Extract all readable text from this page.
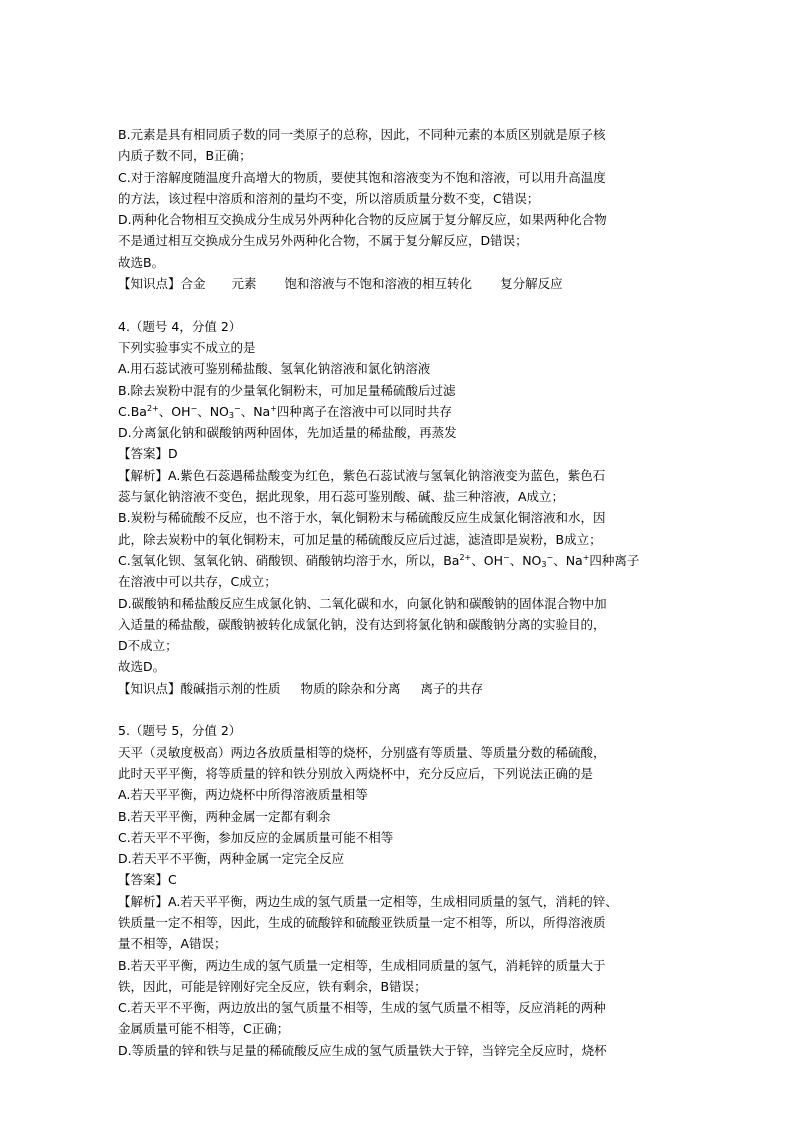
B.元素是具有相同质子数的同一类原子的总称，因此，不同种元素的本质区别就是原子核
内质子数不同，B正确；
C.对于溶解度随温度升高增大的物质，要使其饱和溶液变为不饱和溶液，可以用升高温度
的方法，该过程中溶质和溶剂的量均不变，所以溶质质量分数不变，C错误；
D.两种化合物相互交换成分生成另外两种化合物的反应属于复分解反应，如果两种化合物
不是通过相互交换成分生成另外两种化合物，不属于复分解反应，D错误；
故选B。
【知识点】合金 元素 饱和溶液与不饱和溶液的相互转化 复分解反应
4.（题号 4，分值 2）
下列实验事实不成立的是
A.用石蕊试液可鉴别稀盐酸、氢氧化钠溶液和氯化钠溶液
B.除去炭粉中混有的少量氧化铜粉末，可加足量稀硫酸后过滤
$C.Ba^{2+}$、OH−、$NO_3^-$、Na+四种离子在溶液中可以同时共存
D.分离氯化钠和碳酸钠两种固体，先加适量的稀盐酸，再蒸发
【答案】D
【解析】A.紫色石蕊遇稀盐酸变为红色，紫色石蕊试液与氢氧化钠溶液变为蓝色，紫色石
蕊与氯化钠溶液不变色，据此现象，用石蕊可鉴别酸、碱、盐三种溶液，A成立；
B.炭粉与稀硫酸不反应，也不溶于水，氧化铜粉末与稀硫酸反应生成氯化铜溶液和水，因
此，除去炭粉中的氧化铜粉末，可加足量的稀硫酸反应后过滤，滤渣即是炭粉，B成立；
C.氢氧化钡、氢氧化钠、硝酸钡、硝酸钠均溶于水，所以，$Ba^{2+}$、OH−、$NO_3^-$、Na+四种离子
在溶液中可以共存，C成立；
D.碳酸钠和稀盐酸反应生成氯化钠、二氧化碳和水，向氯化钠和碳酸钠的固体混合物中加
入适量的稀盐酸，碳酸钠被转化成氯化钠，没有达到将氯化钠和碳酸钠分离的实验目的，
D不成立；
故选D。
【知识点】酸碱指示剂的性质 物质的除杂和分离 离子的共存
5.（题号 5，分值 2）
天平（灵敏度极高）两边各放质量相等的烧杯，分别盛有等质量、等质量分数的稀硫酸，
此时天平平衡，将等质量的锌和铁分别放入两烧杯中，充分反应后，下列说法正确的是
A.若天平平衡，两边烧杯中所得溶液质量相等
B.若天平平衡，两种金属一定都有剩余
C.若天平不平衡，参加反应的金属质量可能不相等
D.若天平不平衡，两种金属一定完全反应
【答案】C
【解析】A.若天平平衡，两边生成的氢气质量一定相等，生成相同质量的氢气，消耗的锌、
铁质量一定不相等，因此，生成的硫酸锌和硫酸亚铁质量一定不相等，所以，所得溶液质
量不相等，A错误；
B.若天平平衡，两边生成的氢气质量一定相等，生成相同质量的氢气，消耗锌的质量大于
铁，因此，可能是锌刚好完全反应，铁有剩余，B错误；
C.若天平不平衡，两边放出的氢气质量不相等，生成的氢气质量不相等，反应消耗的两种
金属质量可能不相等，C正确；
D.等质量的锌和铁与足量的稀硫酸反应生成的氢气质量铁大于锌，当锌完全反应时，烧杯
